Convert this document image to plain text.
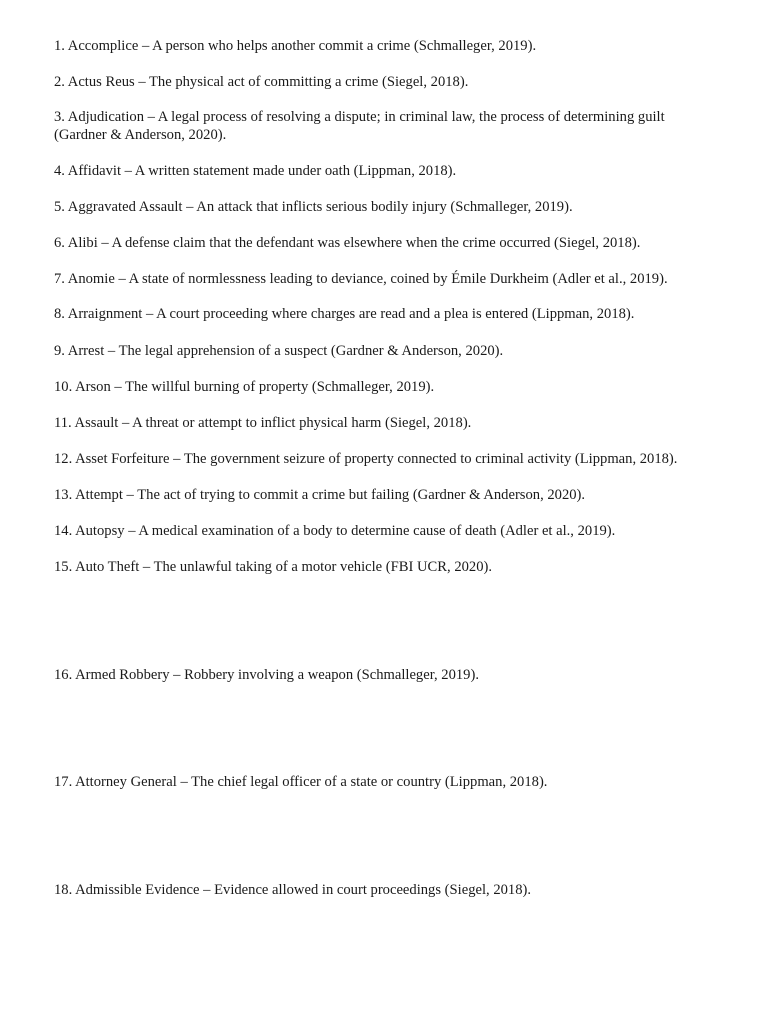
1. Accomplice – A person who helps another commit a crime (Schmalleger, 2019).

2. Actus Reus – The physical act of committing a crime (Siegel, 2018).

3. Adjudication – A legal process of resolving a dispute; in criminal law, the process of determining guilt (Gardner & Anderson, 2020).

4. Affidavit – A written statement made under oath (Lippman, 2018).

5. Aggravated Assault – An attack that inflicts serious bodily injury (Schmalleger, 2019).

6. Alibi – A defense claim that the defendant was elsewhere when the crime occurred (Siegel, 2018).

7. Anomie – A state of normlessness leading to deviance, coined by Émile Durkheim (Adler et al., 2019).

8. Arraignment – A court proceeding where charges are read and a plea is entered (Lippman, 2018).

9. Arrest – The legal apprehension of a suspect (Gardner & Anderson, 2020).

10. Arson – The willful burning of property (Schmalleger, 2019).

11. Assault – A threat or attempt to inflict physical harm (Siegel, 2018).

12. Asset Forfeiture – The government seizure of property connected to criminal activity (Lippman, 2018).

13. Attempt – The act of trying to commit a crime but failing (Gardner & Anderson, 2020).

14. Autopsy – A medical examination of a body to determine cause of death (Adler et al., 2019).

15. Auto Theft – The unlawful taking of a motor vehicle (FBI UCR, 2020).

16. Armed Robbery – Robbery involving a weapon (Schmalleger, 2019).

17. Attorney General – The chief legal officer of a state or country (Lippman, 2018).

18. Admissible Evidence – Evidence allowed in court proceedings (Siegel, 2018).
